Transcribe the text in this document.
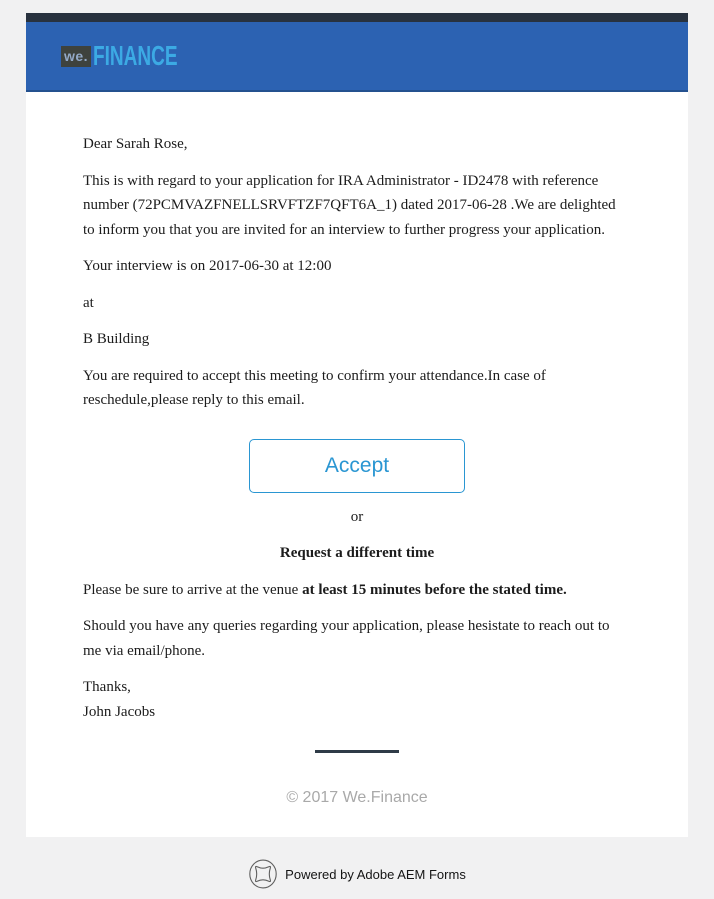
we. FINANCE

Dear Sarah Rose,

This is with regard to your application for IRA Administrator - ID2478 with reference number (72PCMVAZFNELLSRVFTZF7QFT6A_1) dated 2017-06-28 .We are delighted to inform you that you are invited for an interview to further progress your application.

Your interview is on 2017-06-30 at 12:00

at

B Building

You are required to accept this meeting to confirm your attendance.In case of reschedule,please reply to this email.

Accept

or

Request a different time

Please be sure to arrive at the venue at least 15 minutes before the stated time.

Should you have any queries regarding your application, please hesistate to reach out to me via email/phone.

Thanks,
John Jacobs
© 2017 We.Finance
Powered by Adobe AEM Forms
